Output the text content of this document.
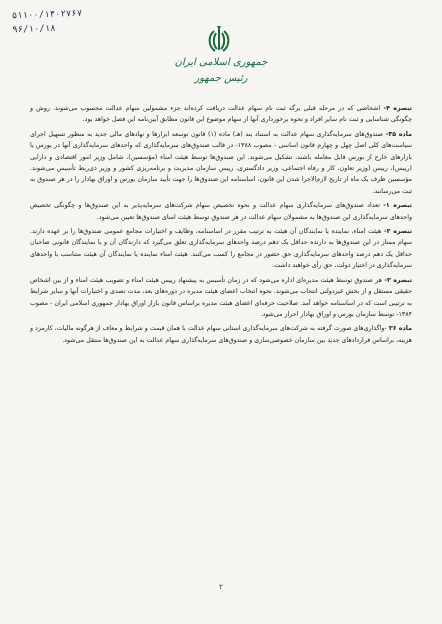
۵۱۱۰۰/۱۴۰۲۷۶۷
۹۶/۱۰/۱۸
جمهوری اسلامی ایران
رئیس جمهور

تبصره ۴- اشخاصی که در مرحله قبلی برگه ثبت نام سهام عدالت دریافت کرده‌اند جزء مشمولین سهام عدالت محسوب می‌شوند. روش و چگونگی شناسایی و ثبت نام سایر افراد و نحوه برخورداری آنها از سهام موضوع این قانون مطابق آیین‌نامه این فصل خواهد بود.

ماده ۳۵- صندوق‌های سرمایه‌گذاری سهام عدالت به استناد بند (هـ) ماده (۱) قانون توسعه ابزارها و نهادهای مالی جدید به منظور تسهیل اجرای سیاست‌های کلی اصل چهل و چهارم قانون اساسی - مصوب ۱۳۸۸- در قالب صندوق‌های سرمایه‌گذاری که واحدهای سرمایه‌گذاری آنها در بورس یا بازارهای خارج از بورس قابل معامله باشند، تشکیل می‌شوند. این صندوق‌ها توسط هیئت امناء (مؤسسین)، شامل وزیر امور اقتصادی و دارایی (رییس)، رییس (وزیر تعاون، کار و رفاه اجتماعی، وزیر دادگستری، رییس سازمان مدیریت و برنامه‌ریزی کشور و وزیر ذی‌ربط تأسیس می‌شوند. مؤسسین ظرف یک ماه از تاریخ لازم‌الاجرا شدن این قانون، اساسنامه این صندوق‌ها را جهت تأیید سازمان بورس و اوراق بهادار را در هر صندوق به ثبت می‌رسانند.

تبصره ۱- تعداد صندوق‌های سرمایه‌گذاری سهام عدالت و نحوه تخصیص سهام شرکت‌های سرمایه‌پذیر به این صندوق‌ها و چگونگی تخصیص واحدهای سرمایه‌گذاری این صندوق‌ها به مشمولان سهام عدالت در هر صندوق توسط هیئت امنای صندوق‌ها تعیین می‌شود.

تبصره ۲- هیئت امناء، نماینده یا نمایندگان آن هیئت به ترتیب مقرر در اساسنامه، وظایف و اختیارات مجامع عمومی صندوق‌ها را بر عهده دارند. سهام ممتاز در این صندوق‌ها به دارنده حداقل یک دهم درصد واحدهای سرمایه‌گذاری تعلق می‌گیرد که دارندگان آن و یا نمایندگان قانونی صاحبان حداقل یک دهم درصد واحدهای سرمایه‌گذاری حق حضور در مجامع را کسب می‌کنند. هیئت امناء نماینده یا نمایندگان آن هیئت متناسب با واحدهای سرمایه‌گذاری در اختیار دولت، حق رأی خواهند داشت.

تبصره ۳- هر صندوق توسط هیئت مدیره‌ای اداره می‌شود که در زمان تأسیس به پیشنهاد رییس هیئت امناء و تصویب هیئت امناء و از بین اشخاص حقیقی مستقل و از بخش غیردولتی انتخاب می‌شوند. نحوه انتخاب اعضای هیئت مدیره در دوره‌های بعد، مدت تصدی و اختیارات آنها و سایر شرایط به ترتیبی است که در اساسنامه خواهد آمد. صلاحیت حرفه‌ای اعضای هیئت مدیره براساس قانون بازار اوراق بهادار جمهوری اسلامی ایران - مصوب ۱۳۸۴- توسط سازمان بورس و اوراق بهادار احراز می‌شود.

ماده ۳۶ -واگذاری‌های صورت گرفته به شرکت‌های سرمایه‌گذاری استانی سهام عدالت با همان قیمت و شرایط و معاف از هرگونه مالیات، کارمزد و هزینه، براساس قراردادهای جدید بین سازمان خصوصی‌سازی و صندوق‌های سرمایه‌گذاری سهام عدالت به این صندوق‌ها منتقل می‌شود.

۲
